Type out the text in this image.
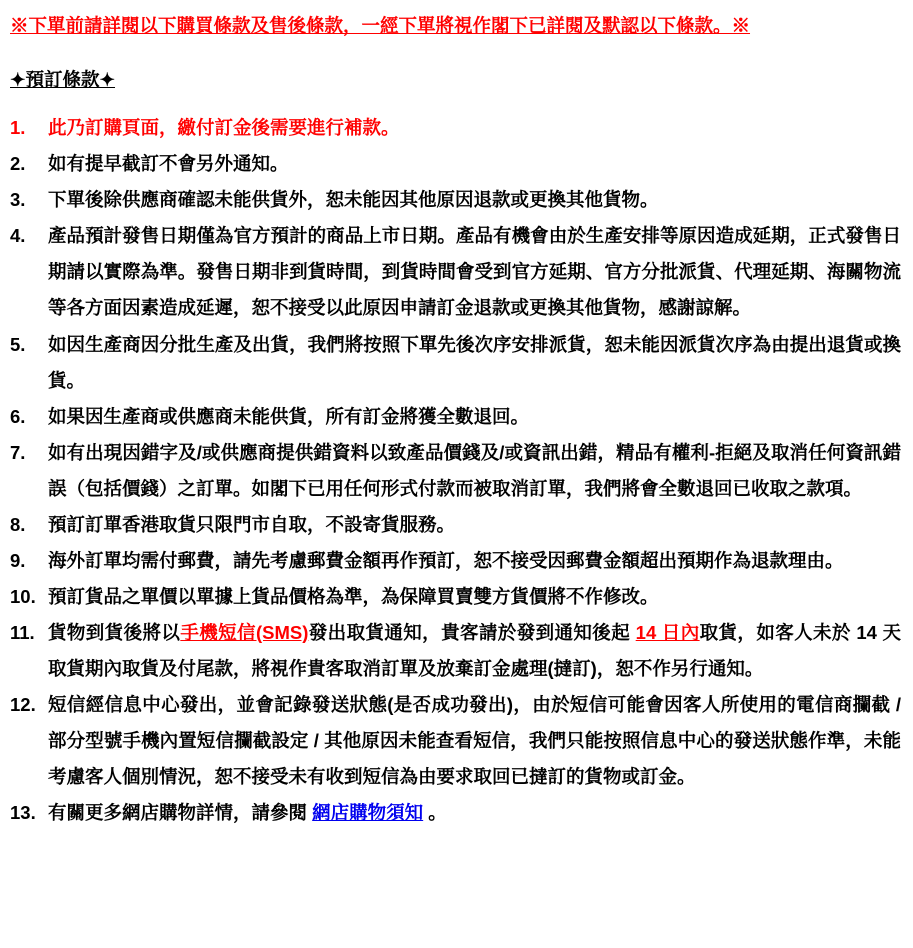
※下單前請詳閱以下購買條款及售後條款，一經下單將視作閣下已詳閱及默認以下條款。※
✦預訂條款✦
1.	此乃訂購頁面，繳付訂金後需要進行補款。
2.	如有提早截訂不會另外通知。
3.	下單後除供應商確認未能供貨外，恕未能因其他原因退款或更換其他貨物。
4.	產品預計發售日期僅為官方預計的商品上市日期。產品有機會由於生產安排等原因造成延期，正式發售日期請以實際為準。發售日期非到貨時間，到貨時間會受到官方延期、官方分批派貨、代理延期、海關物流等各方面因素造成延遲，恕不接受以此原因申請訂金退款或更換其他貨物，感謝諒解。
5.	如因生產商因分批生產及出貨，我們將按照下單先後次序安排派貨，恕未能因派貨次序為由提出退貨或換貨。
6.	如果因生產商或供應商未能供貨，所有訂金將獲全數退回。
7.	如有出現因錯字及/或供應商提供錯資料以致產品價錢及/或資訊出錯，精品有權利-拒絕及取消任何資訊錯誤（包括價錢）之訂單。如閣下已用任何形式付款而被取消訂單，我們將會全數退回已收取之款項。
8.	預訂訂單香港取貨只限門市自取，不設寄貨服務。
9.	海外訂單均需付郵費，請先考慮郵費金額再作預訂，恕不接受因郵費金額超出預期作為退款理由。
10. 預訂貨品之單價以單據上貨品價格為準，為保障買賣雙方貨價將不作修改。
11. 貨物到貨後將以手機短信(SMS)發出取貨通知，貴客請於發到通知後起 14 日內取貨，如客人未於 14 天取貨期內取貨及付尾款，將視作貴客取消訂單及放棄訂金處理(撻訂)，恕不作另行通知。
12. 短信經信息中心發出，並會記錄發送狀態(是否成功發出)，由於短信可能會因客人所使用的電信商攔截 / 部分型號手機內置短信攔截設定 / 其他原因未能查看短信，我們只能按照信息中心的發送狀態作準，未能考慮客人個別情況，恕不接受未有收到短信為由要求取回已撻訂的貨物或訂金。
13. 有關更多網店購物詳情，請參閱 網店購物須知 。
